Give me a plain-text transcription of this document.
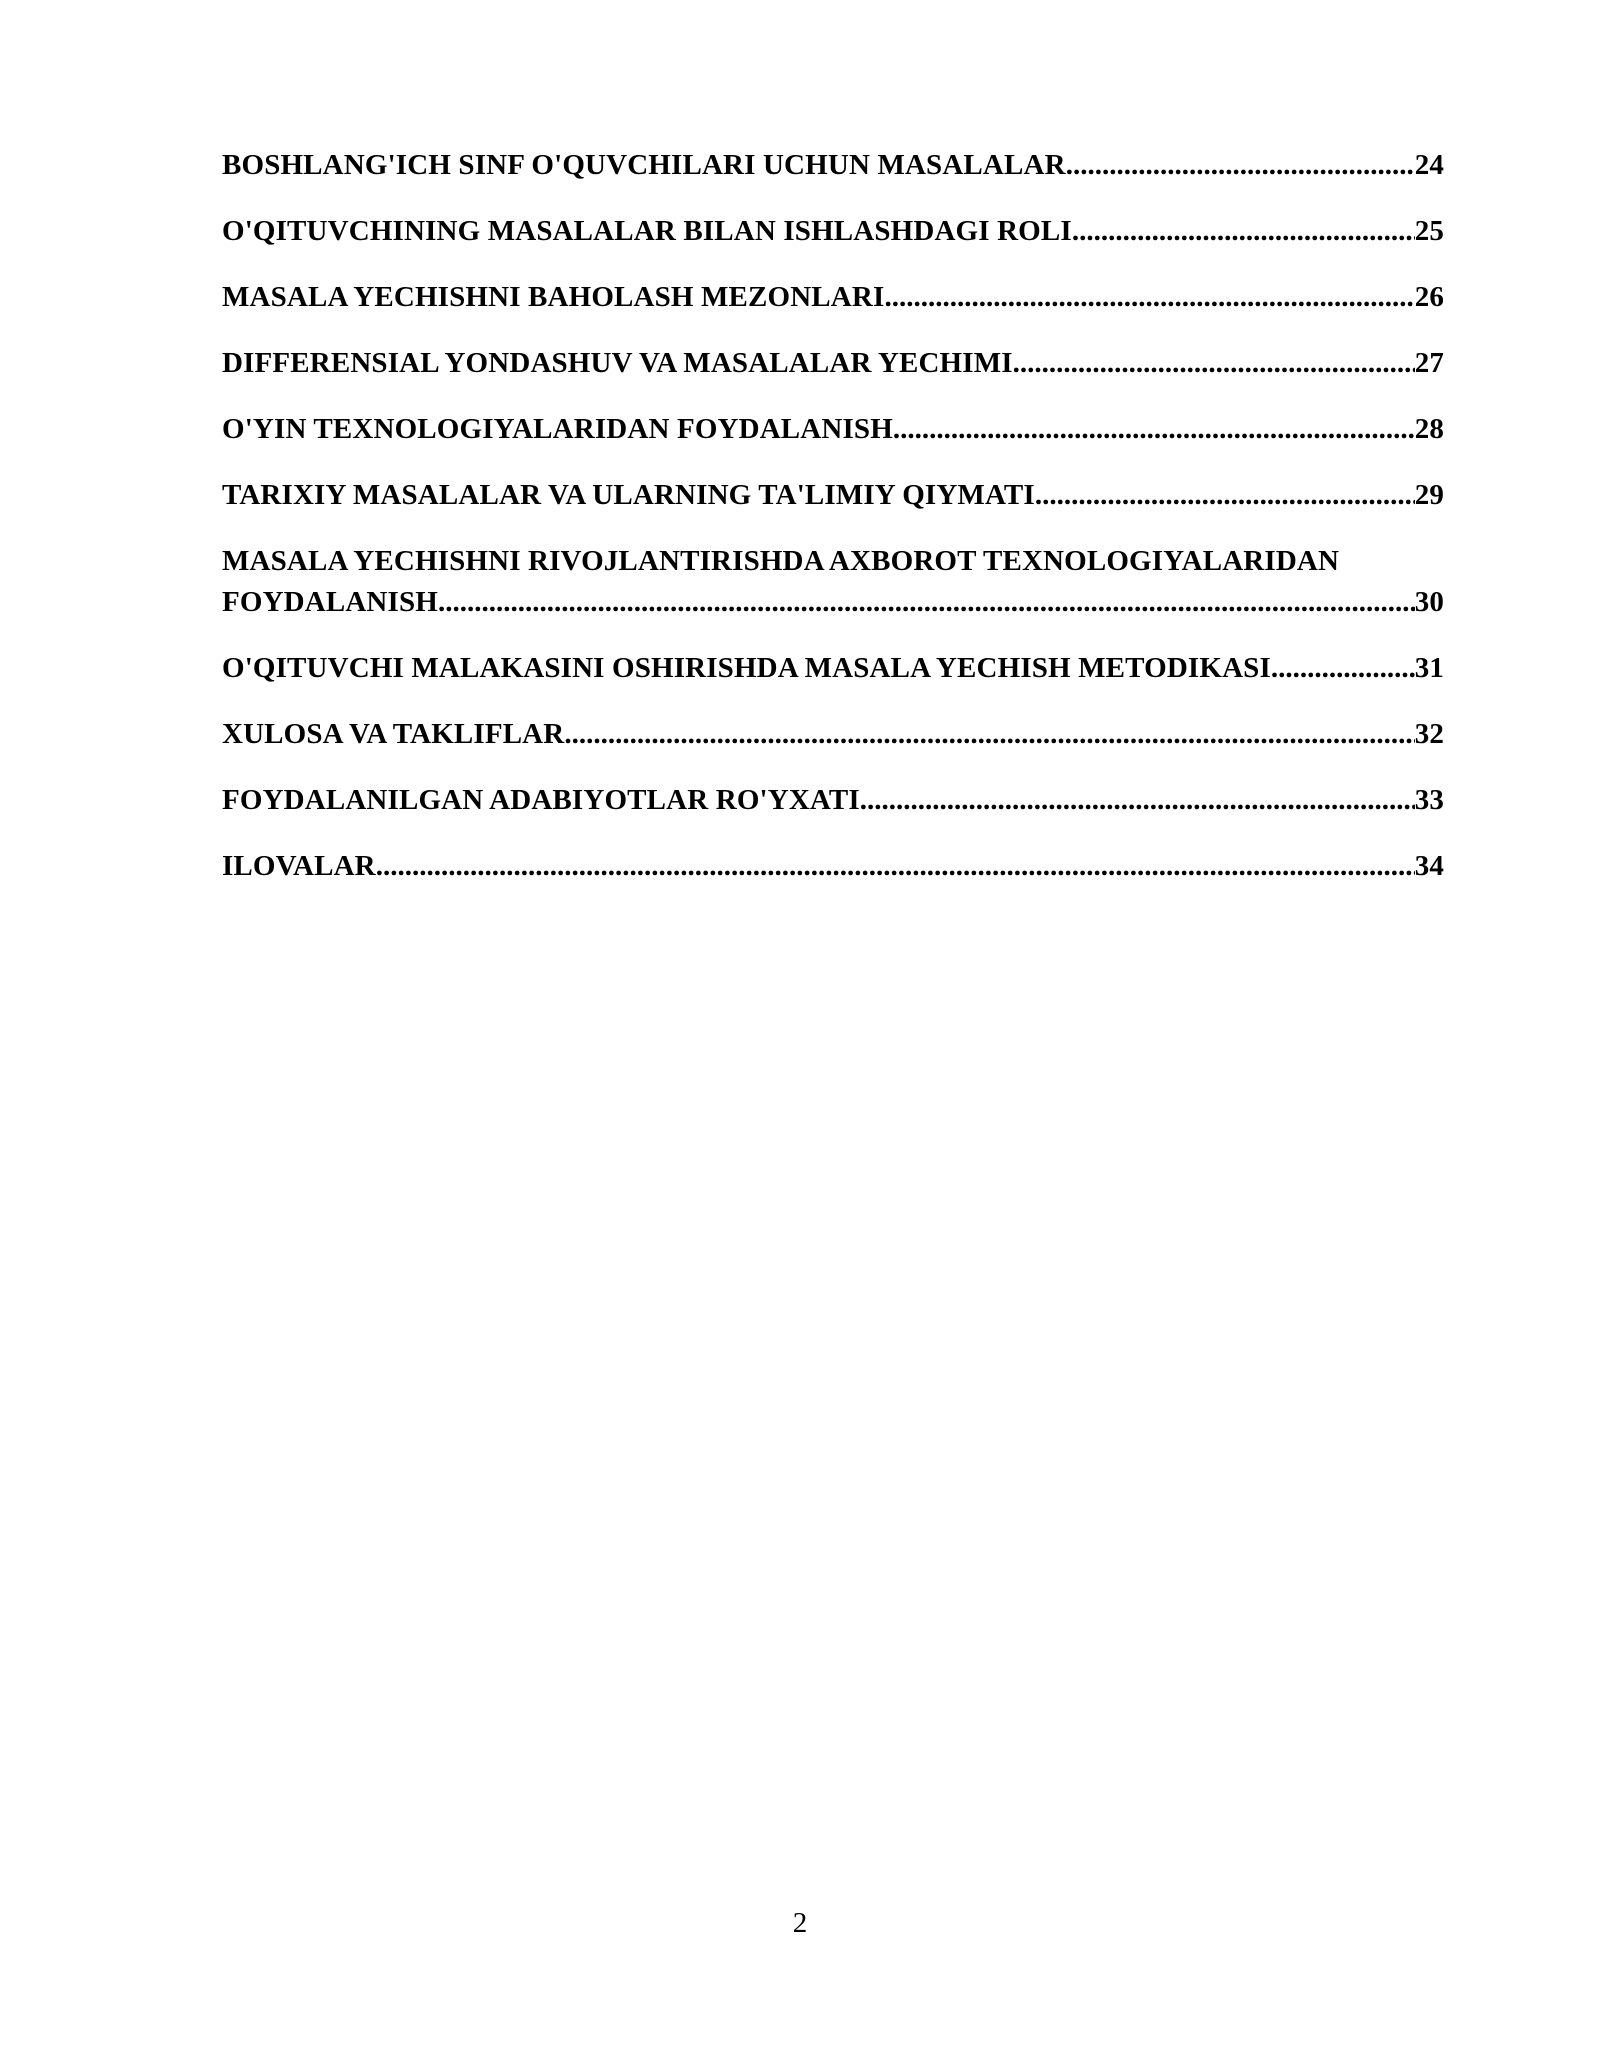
BOSHLANG'ICH SINF O'QUVCHILARI UCHUN MASALALAR .....	24
O'QITUVCHINING MASALALAR BILAN ISHLASHDAGI ROLI .....	25
MASALA YECHISHNI BAHOLASH MEZONLARI .....	26
DIFFERENSIAL YONDASHUV VA MASALALAR YECHIMI .....	27
O'YIN TEXNOLOGIYALARIDAN FOYDALANISH .....	28
TARIXIY MASALALAR VA ULARNING TA'LIMIY QIYMATI .....	29
MASALA YECHISHNI RIVOJLANTIRISHDA AXBOROT TEXNOLOGIYALARIDAN
FOYDALANISH .....	30
O'QITUVCHI MALAKASINI OSHIRISHDA MASALA YECHISH METODIKASI .....	31
XULOSA VA TAKLIFLAR .....	32
FOYDALANILGAN ADABIYOTLAR RO'YXATI .....	33
ILOVALAR .....	34
2
